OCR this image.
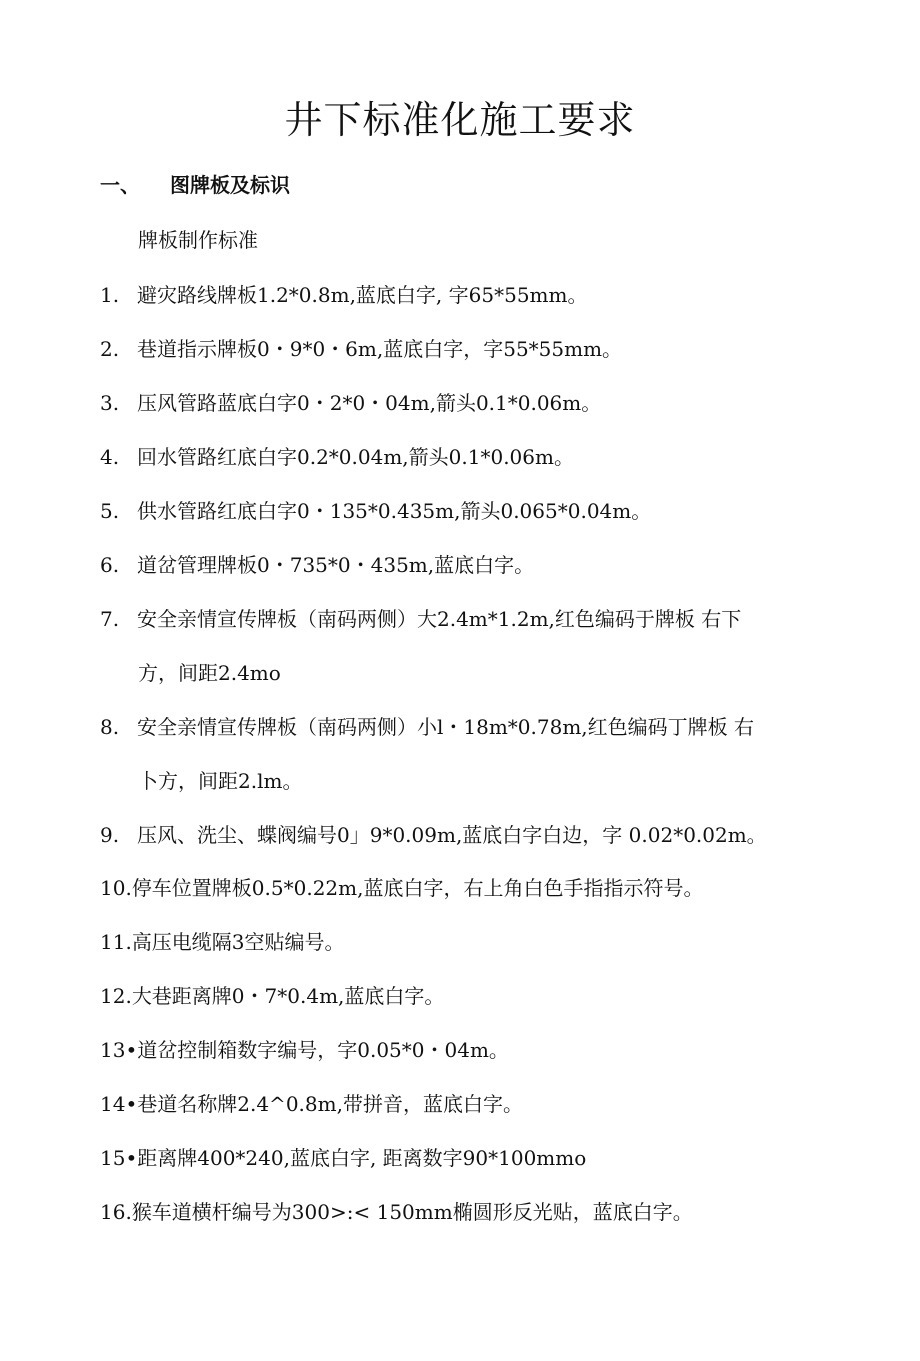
井下标准化施工要求
一、 图牌板及标识
牌板制作标准
1. 避灾路线牌板1.2*0.8m,蓝底白字, 字65*55mm。
2. 巷道指示牌板0・9*0・6m,蓝底白字，字55*55mm。
3. 压风管路蓝底白字0・2*0・04m,箭头0.1*0.06m。
4. 回水管路红底白字0.2*0.04m,箭头0.1*0.06m。
5. 供水管路红底白字0・135*0.435m,箭头0.065*0.04m。
6. 道岔管理牌板0・735*0・435m,蓝底白字。
7. 安全亲情宣传牌板（南码两侧）大2.4m*1.2m,红色编码于牌板 右下
方，间距2.4mo
8. 安全亲情宣传牌板（南码两侧）小l・18m*0.78m,红色编码丁牌板 右
卜方，间距2.lm。
9. 压风、洗尘、蝶阀编号0」9*0.09m,蓝底白字白边，字 0.02*0.02m。
10.停车位置牌板0.5*0.22m,蓝底白字，右上角白色手指指示符号。
11.高压电缆隔3空贴编号。
12.大巷距离牌0・7*0.4m,蓝底白字。
13•道岔控制箱数字编号，字0.05*0・04m。
14•巷道名称牌2.4^0.8m,带拼音，蓝底白字。
15•距离牌400*240,蓝底白字, 距离数字90*100mmo
16.猴车道横杆编号为300>:< 150mm椭圆形反光贴，蓝底白字。
